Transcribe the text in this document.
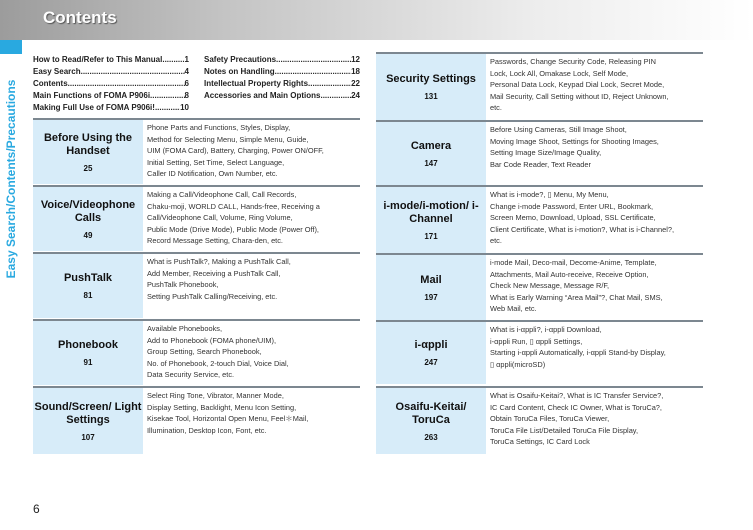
Contents
Easy Search/Contents/Precautions
How to Read/Refer to This Manual .....	1
Easy Search .....	4
Contents .....	6
Main Functions of FOMA P906i .....	8
Making Full Use of FOMA P906i! .....	10
Safety Precautions .....	12
Notes on Handling .....	18
Intellectual Property Rights .....	22
Accessories and Main Options .....	24
Before Using the Handset
25
Phone Parts and Functions, Styles, Display,
Method for Selecting Menu, Simple Menu, Guide,
UIM (FOMA Card), Battery, Charging, Power ON/OFF,
Initial Setting, Set Time, Select Language,
Caller ID Notification, Own Number, etc.
Voice/Videophone Calls
49
Making a Call/Videophone Call, Call Records,
Chaku-moji, WORLD CALL, Hands-free, Receiving a
Call/Videophone Call, Volume, Ring Volume,
Public Mode (Drive Mode), Public Mode (Power Off),
Record Message Setting, Chara-den, etc.
PushTalk
81
What is PushTalk?, Making a PushTalk Call,
Add Member, Receiving a PushTalk Call,
PushTalk Phonebook,
Setting PushTalk Calling/Receiving, etc.
Phonebook
91
Available Phonebooks,
Add to Phonebook (FOMA phone/UIM),
Group Setting, Search Phonebook,
No. of Phonebook, 2-touch Dial, Voice Dial,
Data Security Service, etc.
Sound/Screen/ Light Settings
107
Select Ring Tone, Vibrator, Manner Mode,
Display Setting, Backlight, Menu Icon Setting,
Kisekae Tool, Horizontal Open Menu, Feel＊Mail,
Illumination, Desktop Icon, Font, etc.
Security Settings
131
Passwords, Change Security Code, Releasing PIN
Lock, Lock All, Omakase Lock, Self Mode,
Personal Data Lock, Keypad Dial Lock, Secret Mode,
Mail Security, Call Setting without ID, Reject Unknown,
etc.
Camera
147
Before Using Cameras, Still Image Shoot,
Moving Image Shoot, Settings for Shooting Images,
Setting Image Size/Image Quality,
Bar Code Reader, Text Reader
i-mode/i-motion/ i-Channel
171
What is i-mode?, ▯ Menu, My Menu,
Change i-mode Password, Enter URL, Bookmark,
Screen Memo, Download, Upload, SSL Certificate,
Client Certificate, What is i-motion?, What is i-Channel?,
etc.
Mail
197
i-mode Mail, Deco-mail, Decome-Anime, Template,
Attachments, Mail Auto-receive, Receive Option,
Check New Message, Message R/F,
What is Early Warning “Area Mail”?, Chat Mail, SMS,
Web Mail, etc.
i-αppli
247
What is i-αppli?, i-αppli Download,
i-αppli Run, ▯ αppli Settings,
Starting i-αppli Automatically, i-αppli Stand-by Display,
▯ αppli(microSD)
Osaifu-Keitai/ ToruCa
263
What is Osaifu-Keitai?, What is IC Transfer Service?,
IC Card Content, Check IC Owner, What is ToruCa?,
Obtain ToruCa Files, ToruCa Viewer,
ToruCa File List/Detailed ToruCa File Display,
ToruCa Settings, IC Card Lock
6
